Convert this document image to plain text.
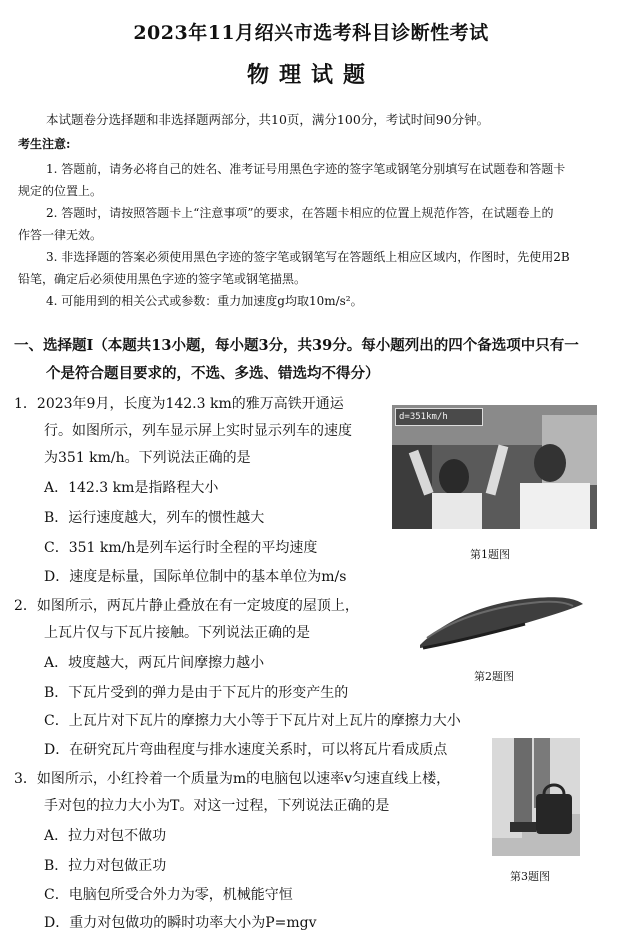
2023年11月绍兴市选考科目诊断性考试
物理试题
本试题卷分选择题和非选择题两部分，共10页，满分100分，考试时间90分钟。
考生注意:
1. 答题前，请务必将自己的姓名、准考证号用黑色字迹的签字笔或钢笔分别填写在试题卷和答题卡
规定的位置上。
2. 答题时，请按照答题卡上“注意事项”的要求，在答题卡相应的位置上规范作答，在试题卷上的
作答一律无效。
3. 非选择题的答案必须使用黑色字迹的签字笔或钢笔写在答题纸上相应区域内，作图时，先使用2B
铅笔，确定后必须使用黑色字迹的签字笔或钢笔描黑。
4. 可能用到的相关公式或参数：重力加速度g均取10m/s²。
一、选择题Ⅰ（本题共13小题，每小题3分，共39分。每小题列出的四个备选项中只有一
个是符合题目要求的，不选、多选、错选均不得分）
1．2023年9月，长度为142.3 km的雅万高铁开通运
行。如图所示，列车显示屏上实时显示列车的速度
为351 km/h。下列说法正确的是
A．142.3 km是指路程大小
B．运行速度越大，列车的惯性越大
C．351 km/h是列车运行时全程的平均速度
D．速度是标量，国际单位制中的基本单位为m/s
d=351km/h
第1题图
2．如图所示，两瓦片静止叠放在有一定坡度的屋顶上，
上瓦片仅与下瓦片接触。下列说法正确的是
A．坡度越大，两瓦片间摩擦力越小
B．下瓦片受到的弹力是由于下瓦片的形变产生的
C．上瓦片对下瓦片的摩擦力大小等于下瓦片对上瓦片的摩擦力大小
D．在研究瓦片弯曲程度与排水速度关系时，可以将瓦片看成质点
第2题图
3．如图所示，小红拎着一个质量为m的电脑包以速率v匀速直线上楼，
手对包的拉力大小为T。对这一过程，下列说法正确的是
A．拉力对包不做功
B．拉力对包做正功
C．电脑包所受合外力为零，机械能守恒
D．重力对包做功的瞬时功率大小为P=mgv
第3题图
